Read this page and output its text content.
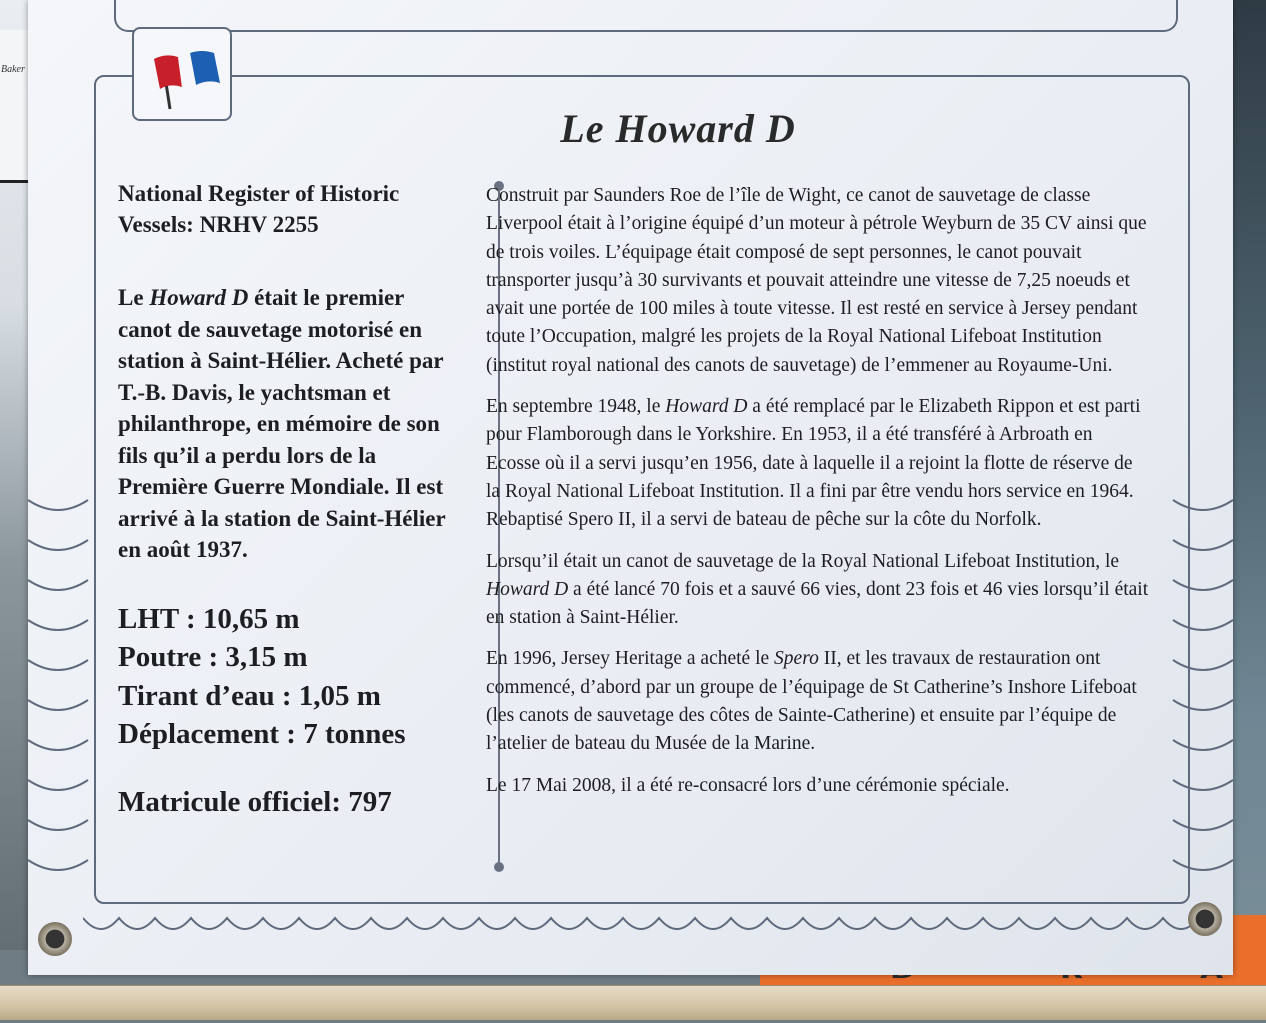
Baker
Le Howard D

National Register of Historic Vessels: NRHV 2255

Le Howard D était le premier canot de sauvetage motorisé en station à Saint-Hélier. Acheté par T.-B. Davis, le yachtsman et philanthrope, en mémoire de son fils qu’il a perdu lors de la Première Guerre Mondiale. Il est arrivé à la station de Saint-Hélier en août 1937.

LHT : 10,65 m
Poutre : 3,15 m
Tirant d’eau : 1,05 m
Déplacement : 7 tonnes
Matricule officiel: 797

Construit par Saunders Roe de l’île de Wight, ce canot de sauvetage de classe Liverpool était à l’origine équipé d’un moteur à pétrole Weyburn de 35 CV ainsi que de trois voiles. L’équipage était composé de sept personnes, le canot pouvait transporter jusqu’à 30 survivants et pouvait atteindre une vitesse de 7,25 noeuds et avait une portée de 100 miles à toute vitesse. Il est resté en service à Jersey pendant toute l’Occupation, malgré les projets de la Royal National Lifeboat Institution (institut royal national des canots de sauvetage) de l’emmener au Royaume-Uni.

En septembre 1948, le Howard D a été remplacé par le Elizabeth Rippon et est parti pour Flamborough dans le Yorkshire. En 1953, il a été transféré à Arbroath en Ecosse où il a servi jusqu’en 1956, date à laquelle il a rejoint la flotte de réserve de la Royal National Lifeboat Institution. Il a fini par être vendu hors service en 1964. Rebaptisé Spero II, il a servi de bateau de pêche sur la côte du Norfolk.

Lorsqu’il était un canot de sauvetage de la Royal National Lifeboat Institution, le Howard D a été lancé 70 fois et a sauvé 66 vies, dont 23 fois et 46 vies lorsqu’il était en station à Saint-Hélier.

En 1996, Jersey Heritage a acheté le Spero II, et les travaux de restauration ont commencé, d’abord par un groupe de l’équipage de St Catherine’s Inshore Lifeboat (les canots de sauvetage des côtes de Sainte-Catherine) et ensuite par l’équipe de l’atelier de bateau du Musée de la Marine.

Le 17 Mai 2008, il a été re-consacré lors d’une cérémonie spéciale.
